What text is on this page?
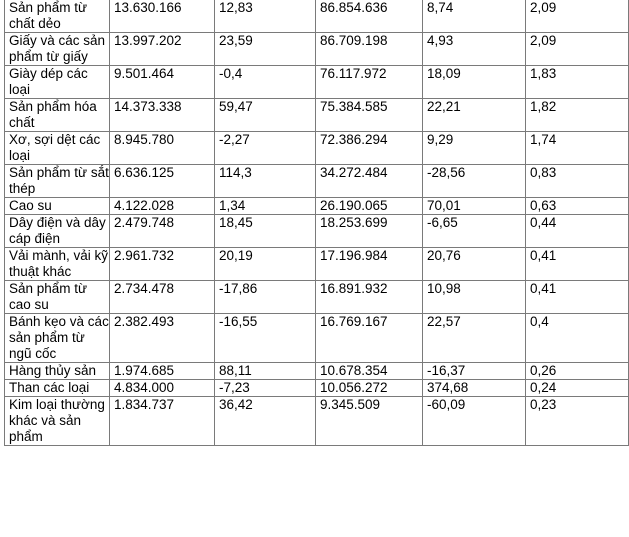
Sản phẩm từ chất dẻo	13.630.166	12,83	86.854.636	8,74	2,09
Giấy và các sản phẩm từ giấy	13.997.202	23,59	86.709.198	4,93	2,09
Giày dép các loại	9.501.464	-0,4	76.117.972	18,09	1,83
Sản phẩm hóa chất	14.373.338	59,47	75.384.585	22,21	1,82
Xơ, sợi dệt các loại	8.945.780	-2,27	72.386.294	9,29	1,74
Sản phẩm từ sắt thép	6.636.125	114,3	34.272.484	-28,56	0,83
Cao su	4.122.028	1,34	26.190.065	70,01	0,63
Dây điện và dây cáp điện	2.479.748	18,45	18.253.699	-6,65	0,44
Vải mành, vải kỹ thuật khác	2.961.732	20,19	17.196.984	20,76	0,41
Sản phẩm từ cao su	2.734.478	-17,86	16.891.932	10,98	0,41
Bánh kẹo và các sản phẩm từ ngũ cốc	2.382.493	-16,55	16.769.167	22,57	0,4
Hàng thủy sản	1.974.685	88,11	10.678.354	-16,37	0,26
Than các loại	4.834.000	-7,23	10.056.272	374,68	0,24
Kim loại thường khác và sản phẩm	1.834.737	36,42	9.345.509	-60,09	0,23
